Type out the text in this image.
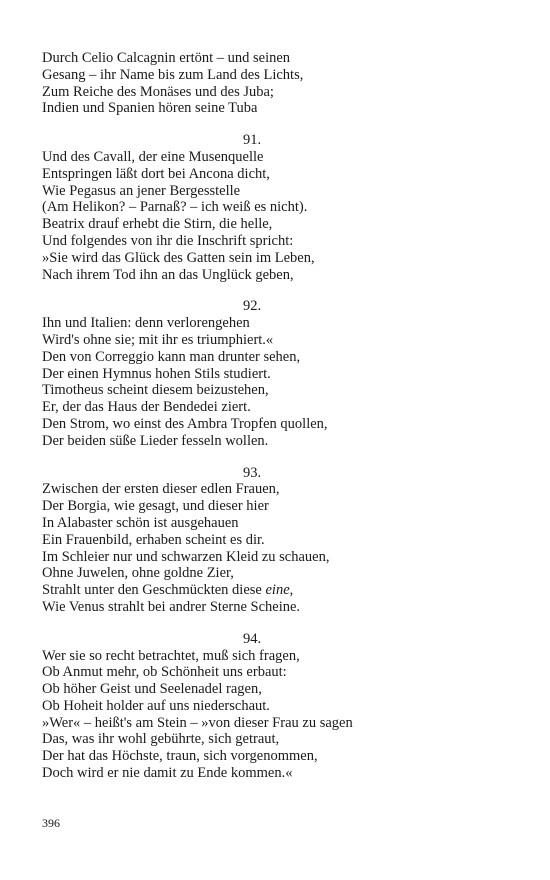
Durch Celio Calcagnin ertönt – und seinen
Gesang – ihr Name bis zum Land des Lichts,
Zum Reiche des Monäses und des Juba;
Indien und Spanien hören seine Tuba
91.
Und des Cavall, der eine Musenquelle
Entspringen läßt dort bei Ancona dicht,
Wie Pegasus an jener Bergesstelle
(Am Helikon? – Parnaß? – ich weiß es nicht).
Beatrix drauf erhebt die Stirn, die helle,
Und folgendes von ihr die Inschrift spricht:
»Sie wird das Glück des Gatten sein im Leben,
Nach ihrem Tod ihn an das Unglück geben,
92.
Ihn und Italien: denn verlorengehen
Wird's ohne sie; mit ihr es triumphiert.«
Den von Correggio kann man drunter sehen,
Der einen Hymnus hohen Stils studiert.
Timotheus scheint diesem beizustehen,
Er, der das Haus der Bendedei ziert.
Den Strom, wo einst des Ambra Tropfen quollen,
Der beiden süße Lieder fesseln wollen.
93.
Zwischen der ersten dieser edlen Frauen,
Der Borgia, wie gesagt, und dieser hier
In Alabaster schön ist ausgehauen
Ein Frauenbild, erhaben scheint es dir.
Im Schleier nur und schwarzen Kleid zu schauen,
Ohne Juwelen, ohne goldne Zier,
Strahlt unter den Geschmückten diese eine,
Wie Venus strahlt bei andrer Sterne Scheine.
94.
Wer sie so recht betrachtet, muß sich fragen,
Ob Anmut mehr, ob Schönheit uns erbaut:
Ob höher Geist und Seelenadel ragen,
Ob Hoheit holder auf uns niederschaut.
»Wer« – heißt's am Stein – »von dieser Frau zu sagen
Das, was ihr wohl gebührte, sich getraut,
Der hat das Höchste, traun, sich vorgenommen,
Doch wird er nie damit zu Ende kommen.«
396
